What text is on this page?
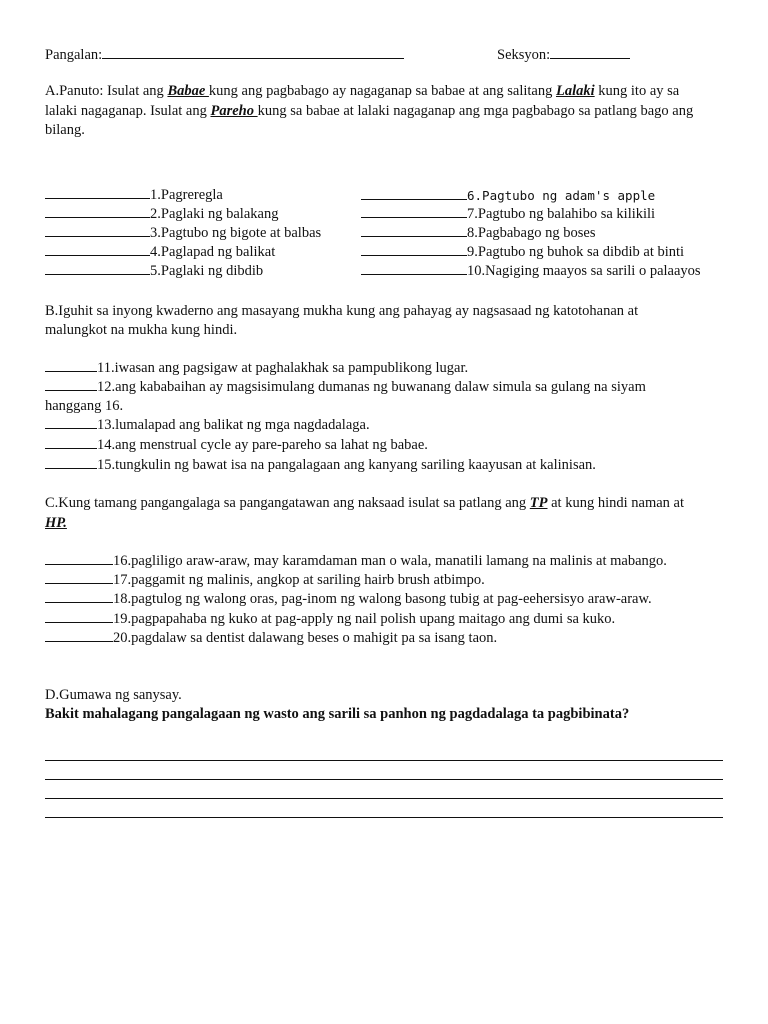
Pangalan:	Seksyon:
A.Panuto: Isulat ang Babae kung ang pagbabago ay nagaganap sa babae at ang salitang Lalaki kung ito ay sa
lalaki nagaganap. Isulat ang Pareho kung sa babae at lalaki nagaganap ang mga pagbabago sa patlang bago ang
bilang.
1.Pagreregla
2.Paglaki ng balakang
3.Pagtubo ng bigote at balbas
4.Paglapad ng balikat
5.Paglaki ng dibdib
6.Pagtubo ng adam's apple
7.Pagtubo ng balahibo sa kilikili
8.Pagbabago ng boses
9.Pagtubo ng buhok sa dibdib at binti
10.Nagiging maayos sa sarili o palaayos
B.Iguhit sa inyong kwaderno ang masayang mukha kung ang pahayag ay nagsasaad ng katotohanan at
malungkot na mukha kung hindi.
11.iwasan ang pagsigaw at paghalakhak sa pampublikong lugar.
12.ang kababaihan ay magsisimulang dumanas ng buwanang dalaw simula sa gulang na siyam
hanggang 16.
13.lumalapad ang balikat ng mga nagdadalaga.
14.ang menstrual cycle ay pare-pareho sa lahat ng babae.
15.tungkulin ng bawat isa na pangalagaan ang kanyang sariling kaayusan at kalinisan.
C.Kung tamang pangangalaga sa pangangatawan ang naksaad isulat sa patlang ang TP at kung hindi naman at
HP.
16.pagliligo araw-araw, may karamdaman man o wala, manatili lamang na malinis at mabango.
17.paggamit ng malinis, angkop at sariling hairb brush atbimpo.
18.pagtulog ng walong oras, pag-inom ng walong basong tubig at pag-eehersisyo araw-araw.
19.pagpapahaba ng kuko at pag-apply ng nail polish upang maitago ang dumi sa kuko.
20.pagdalaw sa dentist dalawang beses o mahigit pa sa isang taon.
D.Gumawa ng sanysay.
Bakit mahalagang pangalagaan ng wasto ang sarili sa panhon ng pagdadalaga ta pagbibinata?
